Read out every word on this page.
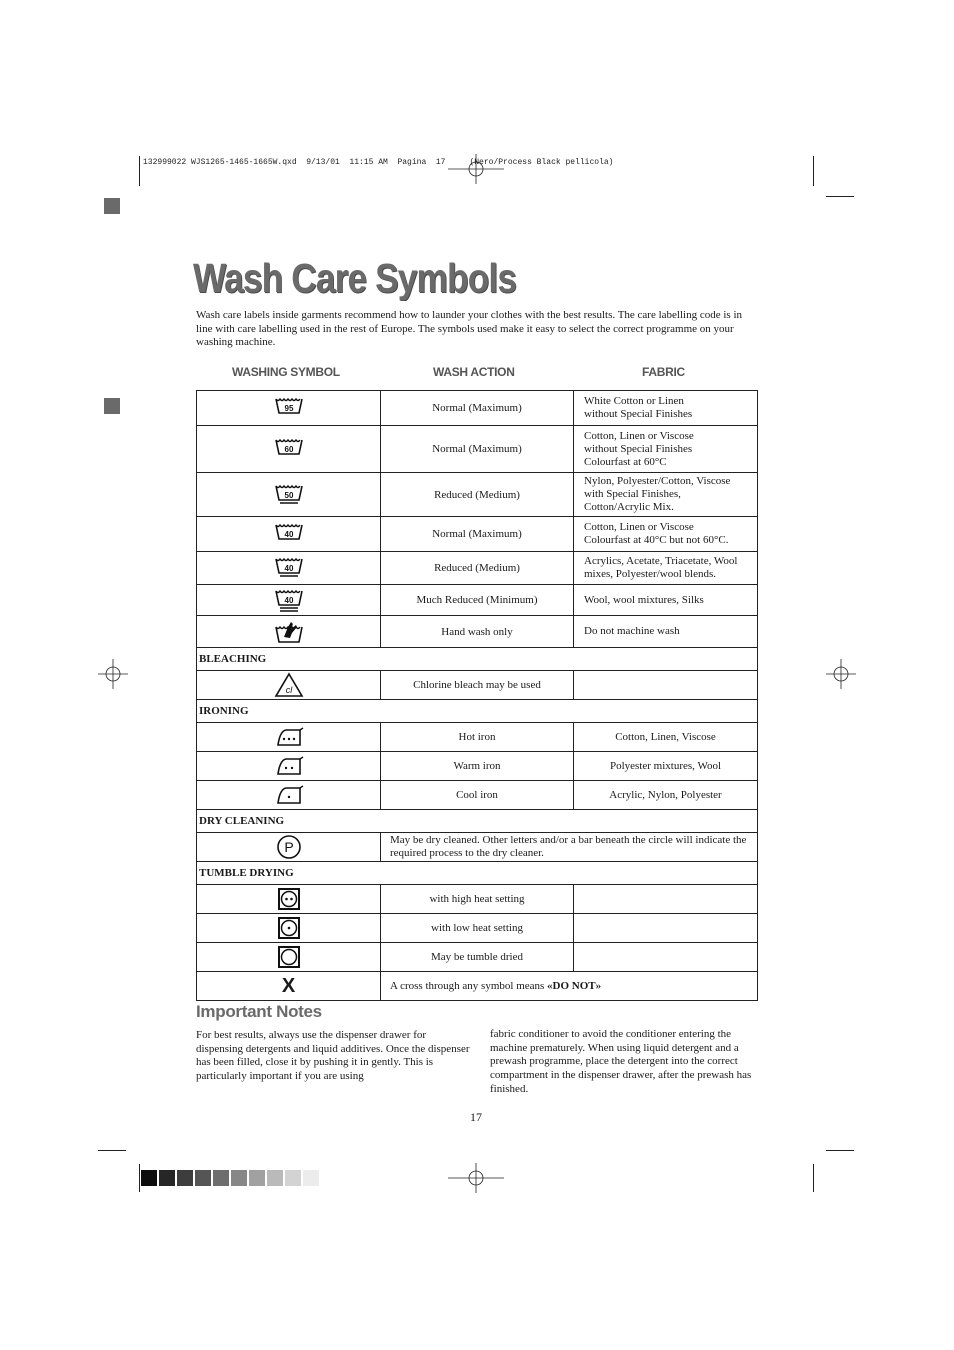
132999022 WJS1265-1465-1665W.qxd  9/13/01  11:15 AM  Pagina  17     (Nero/Process Black pellicola)
Wash Care Symbols
Wash care labels inside garments recommend how to launder your clothes with the best results. The care labelling code is in line with care labelling used in the rest of Europe. The symbols used make it easy to select the correct programme on your washing machine.
WASHING SYMBOL	WASH ACTION	FABRIC
95	Normal (Maximum)	White Cotton or Linen
without Special Finishes

60	Normal (Maximum)	Cotton, Linen or Viscose
without Special Finishes
Colourfast at 60°C

50	Reduced (Medium)	Nylon, Polyester/Cotton, Viscose
with Special Finishes,
Cotton/Acrylic Mix.

40	Normal (Maximum)	Cotton, Linen or Viscose
Colourfast at 40°C but not 60°C.

40	Reduced (Medium)	Acrylics, Acetate, Triacetate, Wool
mixes, Polyester/wool blends.

40	Much Reduced (Minimum)	Wool, wool mixtures, Silks

	Hand wash only	Do not machine wash

BLEACHING		

cl	Chlorine bleach may be used	
IRONING		
	Hot iron	Cotton, Linen, Viscose
	Warm iron	Polyester mixtures, Wool
	Cool iron	Acrylic, Nylon, Polyester
DRY CLEANING		

P	May be dry cleaned. Other letters and/or a bar beneath the circle will indicate the required process to the dry cleaner.	
TUMBLE DRYING		
	with high heat setting	
	with low heat setting	
	May be tumble dried	
X	A cross through any symbol means «DO NOT»	
Important Notes
For best results, always use the dispenser drawer for dispensing detergents and liquid additives. Once the dispenser has been filled, close it by pushing it in gently. This is particularly important if you are using
fabric conditioner to avoid the conditioner entering the machine prematurely. When using liquid detergent and a prewash programme, place the detergent into the correct compartment in the dispenser drawer, after the prewash has finished.
17
